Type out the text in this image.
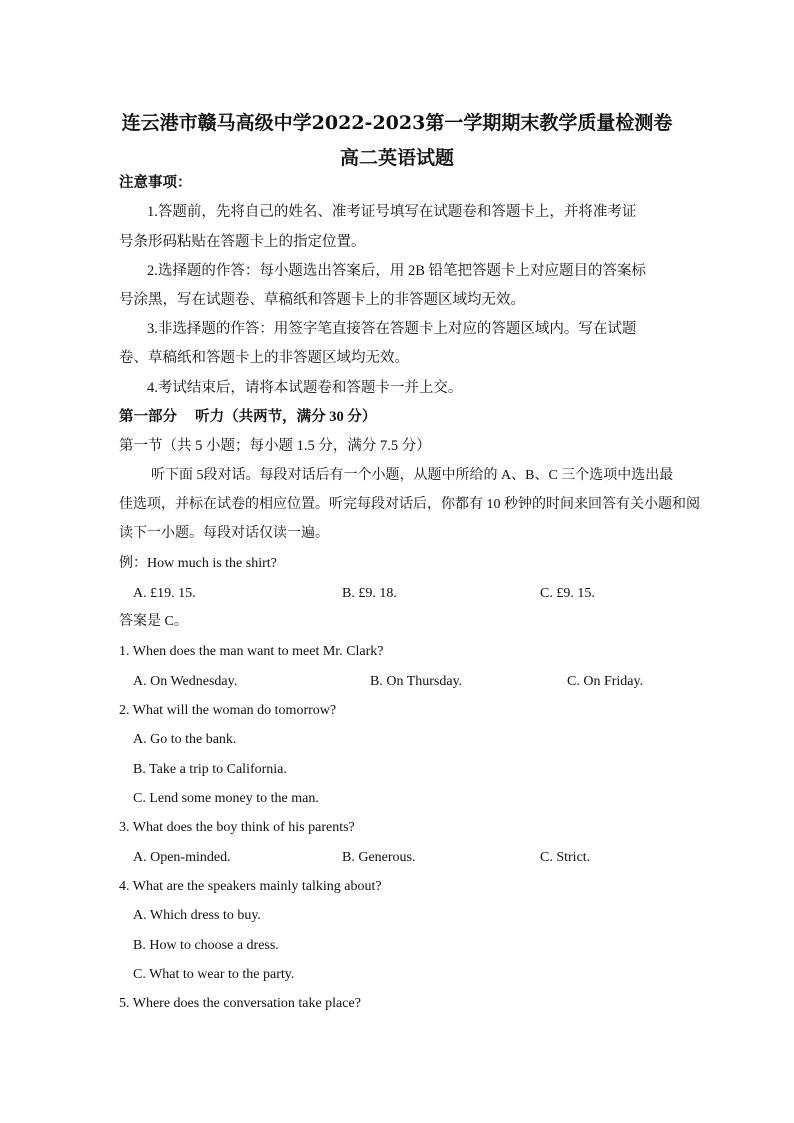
连云港市赣马高级中学2022-2023第一学期期末教学质量检测卷
高二英语试题
注意事项：
1.答题前，先将自己的姓名、准考证号填写在试题卷和答题卡上，并将准考证
号条形码粘贴在答题卡上的指定位置。
2.选择题的作答：每小题选出答案后，用 2B 铅笔把答题卡上对应题目的答案标
号涂黑，写在试题卷、草稿纸和答题卡上的非答题区域均无效。
3.非选择题的作答：用签字笔直接答在答题卡上对应的答题区域内。写在试题
卷、草稿纸和答题卡上的非答题区域均无效。
4.考试结束后，请将本试题卷和答题卡一并上交。
第一部分　 听力（共两节，满分 30 分）
第一节（共 5 小题；每小题 1.5 分，满分 7.5 分）
听下面 5段对话。每段对话后有一个小题，从题中所给的 A、B、C 三个选项中选出最
佳选项，并标在试卷的相应位置。听完每段对话后，你都有 10 秒钟的时间来回答有关小题和阅
读下一小题。每段对话仅读一遍。
例：How much is the shirt?
A. £19. 15.	B. £9. 18.	C. £9. 15.
答案是 C。
1. When does the man want to meet Mr. Clark?
A. On Wednesday.	B. On Thursday.	C. On Friday.
2. What will the woman do tomorrow?
A. Go to the bank.
B. Take a trip to California.
C. Lend some money to the man.
3. What does the boy think of his parents?
A. Open-minded.	B. Generous.	C. Strict.
4. What are the speakers mainly talking about?
A. Which dress to buy.
B. How to choose a dress.
C. What to wear to the party.
5. Where does the conversation take place?
